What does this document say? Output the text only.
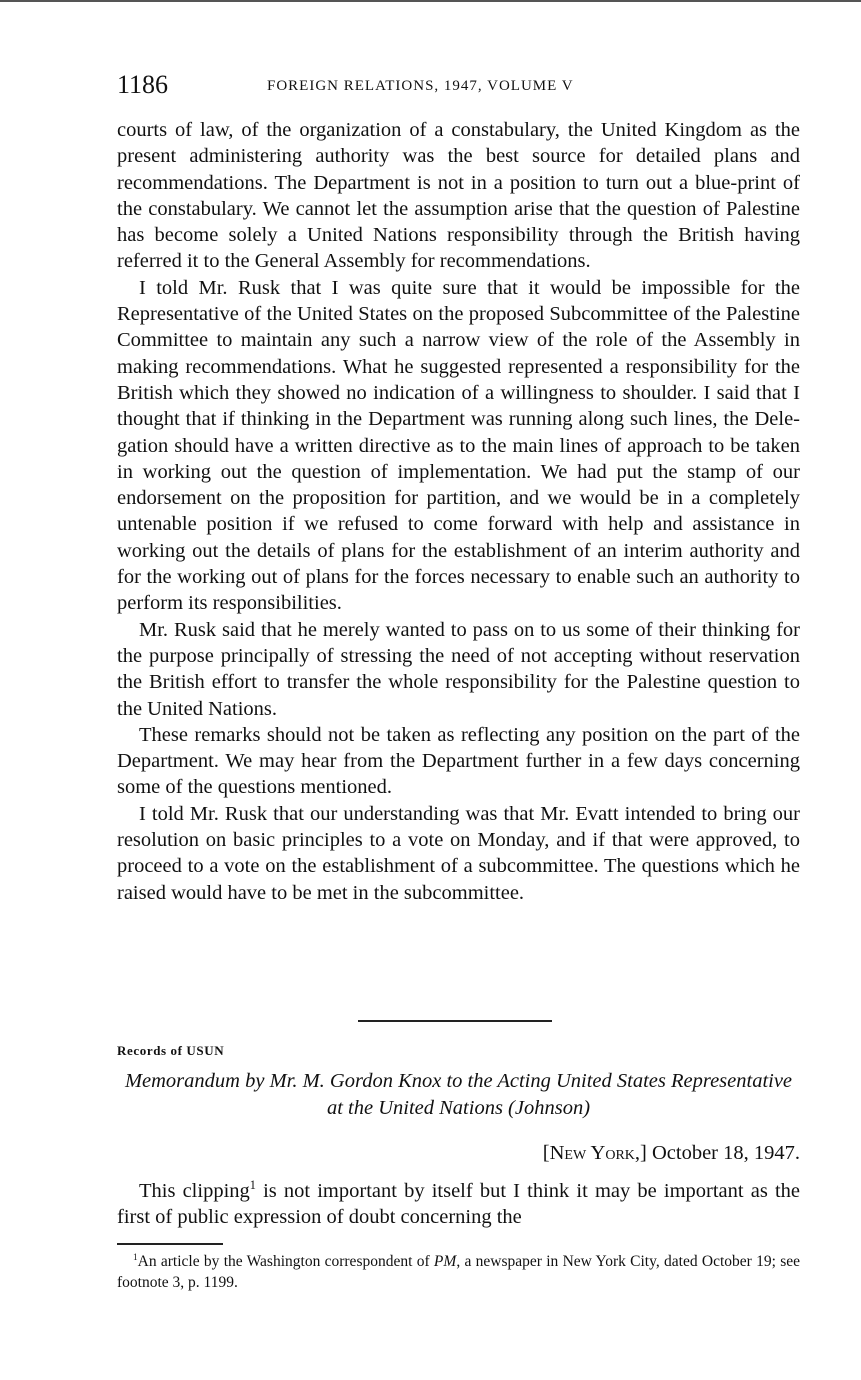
1186	FOREIGN RELATIONS, 1947, VOLUME V

courts of law, of the organization of a constabulary, the United Kingdom as the present administering authority was the best source for detailed plans and recommendations. The Department is not in a position to turn out a blue-print of the constabulary. We cannot let the assumption arise that the question of Palestine has become solely a United Nations responsibility through the British having referred it to the General Assembly for recommendations.

I told Mr. Rusk that I was quite sure that it would be impossible for the Representative of the United States on the proposed Subcommittee of the Palestine Committee to maintain any such a narrow view of the role of the Assembly in making recommendations. What he suggested represented a responsibility for the British which they showed no indication of a willingness to shoulder. I said that I thought that if thinking in the Department was running along such lines, the Delegation should have a written directive as to the main lines of approach to be taken in working out the question of implementation. We had put the stamp of our endorsement on the proposition for partition, and we would be in a completely untenable position if we refused to come forward with help and assistance in working out the details of plans for the establishment of an interim authority and for the working out of plans for the forces necessary to enable such an authority to perform its responsibilities.

Mr. Rusk said that he merely wanted to pass on to us some of their thinking for the purpose principally of stressing the need of not accepting without reservation the British effort to transfer the whole responsibility for the Palestine question to the United Nations.

These remarks should not be taken as reflecting any position on the part of the Department. We may hear from the Department further in a few days concerning some of the questions mentioned.

I told Mr. Rusk that our understanding was that Mr. Evatt intended to bring our resolution on basic principles to a vote on Monday, and if that were approved, to proceed to a vote on the establishment of a subcommittee. The questions which he raised would have to be met in the subcommittee.

Records of USUN
Memorandum by Mr. M. Gordon Knox to the Acting United States Representative at the United Nations (Johnson)
[New York,] October 18, 1947.
This clipping$^1$ is not important by itself but I think it may be important as the first of public expression of doubt concerning the
$^1$An article by the Washington correspondent of PM, a newspaper in New York City, dated October 19; see footnote 3, p. 1199.
